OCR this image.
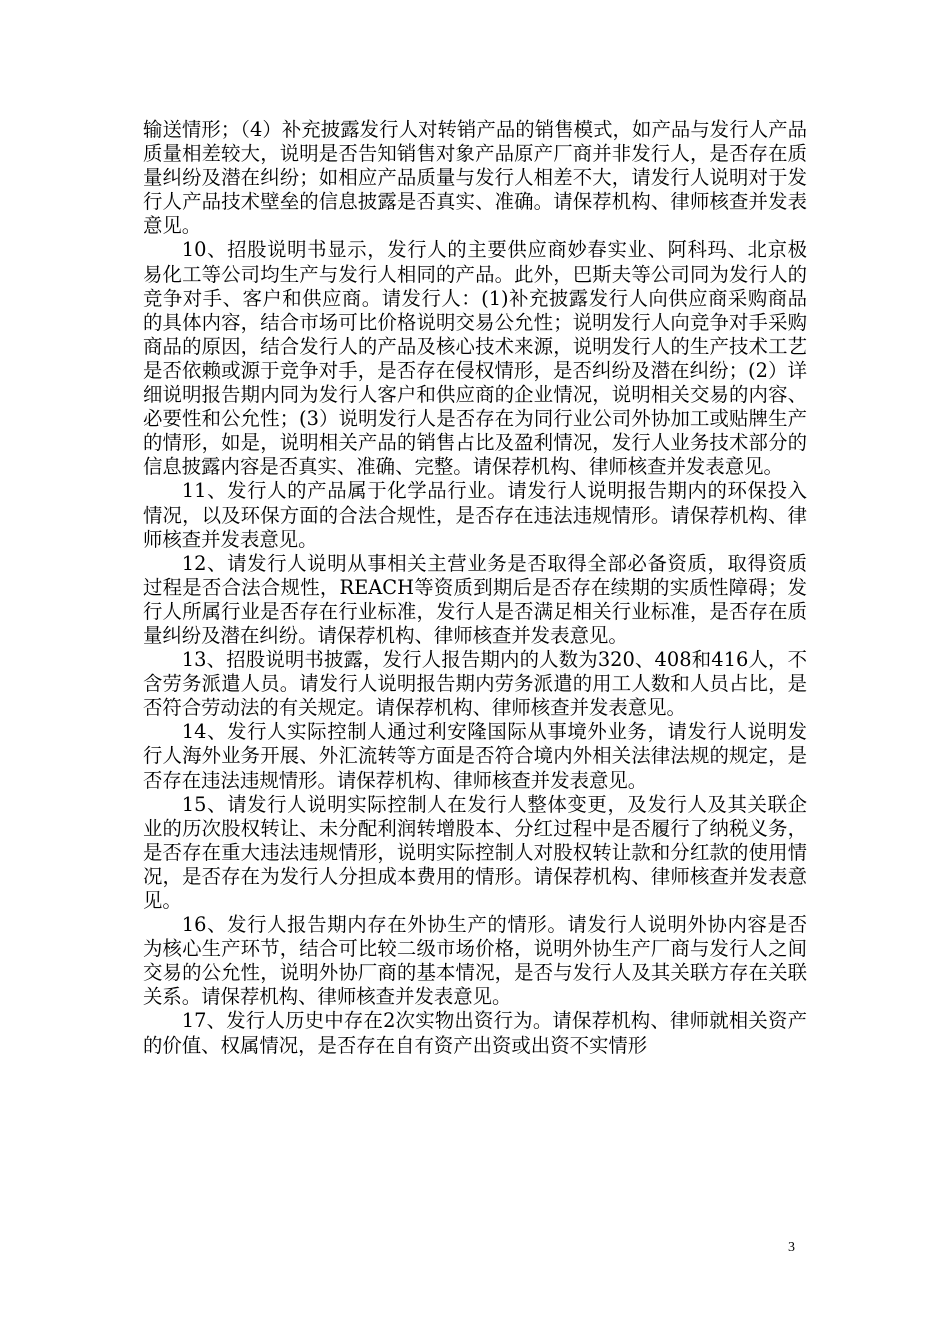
输送情形；（4）补充披露发行人对转销产品的销售模式，如产品与发行人产品质量相差较大，说明是否告知销售对象产品原产厂商并非发行人，是否存在质量纠纷及潜在纠纷；如相应产品质量与发行人相差不大，请发行人说明对于发行人产品技术壁垒的信息披露是否真实、准确。请保荐机构、律师核查并发表意见。

10、招股说明书显示，发行人的主要供应商妙春实业、阿科玛、北京极易化工等公司均生产与发行人相同的产品。此外，巴斯夫等公司同为发行人的竞争对手、客户和供应商。请发行人：(1)补充披露发行人向供应商采购商品的具体内容，结合市场可比价格说明交易公允性；说明发行人向竞争对手采购商品的原因，结合发行人的产品及核心技术来源，说明发行人的生产技术工艺是否依赖或源于竞争对手，是否存在侵权情形，是否纠纷及潜在纠纷；(2）详细说明报告期内同为发行人客户和供应商的企业情况，说明相关交易的内容、必要性和公允性；(3）说明发行人是否存在为同行业公司外协加工或贴牌生产的情形，如是，说明相关产品的销售占比及盈利情况，发行人业务技术部分的信息披露内容是否真实、准确、完整。请保荐机构、律师核查并发表意见。

11、发行人的产品属于化学品行业。请发行人说明报告期内的环保投入情况，以及环保方面的合法合规性，是否存在违法违规情形。请保荐机构、律师核查并发表意见。

12、请发行人说明从事相关主营业务是否取得全部必备资质，取得资质过程是否合法合规性，REACH等资质到期后是否存在续期的实质性障碍；发行人所属行业是否存在行业标准，发行人是否满足相关行业标准，是否存在质量纠纷及潜在纠纷。请保荐机构、律师核查并发表意见。

13、招股说明书披露，发行人报告期内的人数为320、408和416人，不含劳务派遣人员。请发行人说明报告期内劳务派遣的用工人数和人员占比，是否符合劳动法的有关规定。请保荐机构、律师核查并发表意见。

14、发行人实际控制人通过利安隆国际从事境外业务，请发行人说明发行人海外业务开展、外汇流转等方面是否符合境内外相关法律法规的规定，是否存在违法违规情形。请保荐机构、律师核查并发表意见。

15、请发行人说明实际控制人在发行人整体变更，及发行人及其关联企业的历次股权转让、未分配利润转增股本、分红过程中是否履行了纳税义务，是否存在重大违法违规情形，说明实际控制人对股权转让款和分红款的使用情况，是否存在为发行人分担成本费用的情形。请保荐机构、律师核查并发表意见。

16、发行人报告期内存在外协生产的情形。请发行人说明外协内容是否为核心生产环节，结合可比较二级市场价格，说明外协生产厂商与发行人之间交易的公允性，说明外协厂商的基本情况，是否与发行人及其关联方存在关联关系。请保荐机构、律师核查并发表意见。

17、发行人历史中存在2次实物出资行为。请保荐机构、律师就相关资产的价值、权属情况，是否存在自有资产出资或出资不实情形

3
